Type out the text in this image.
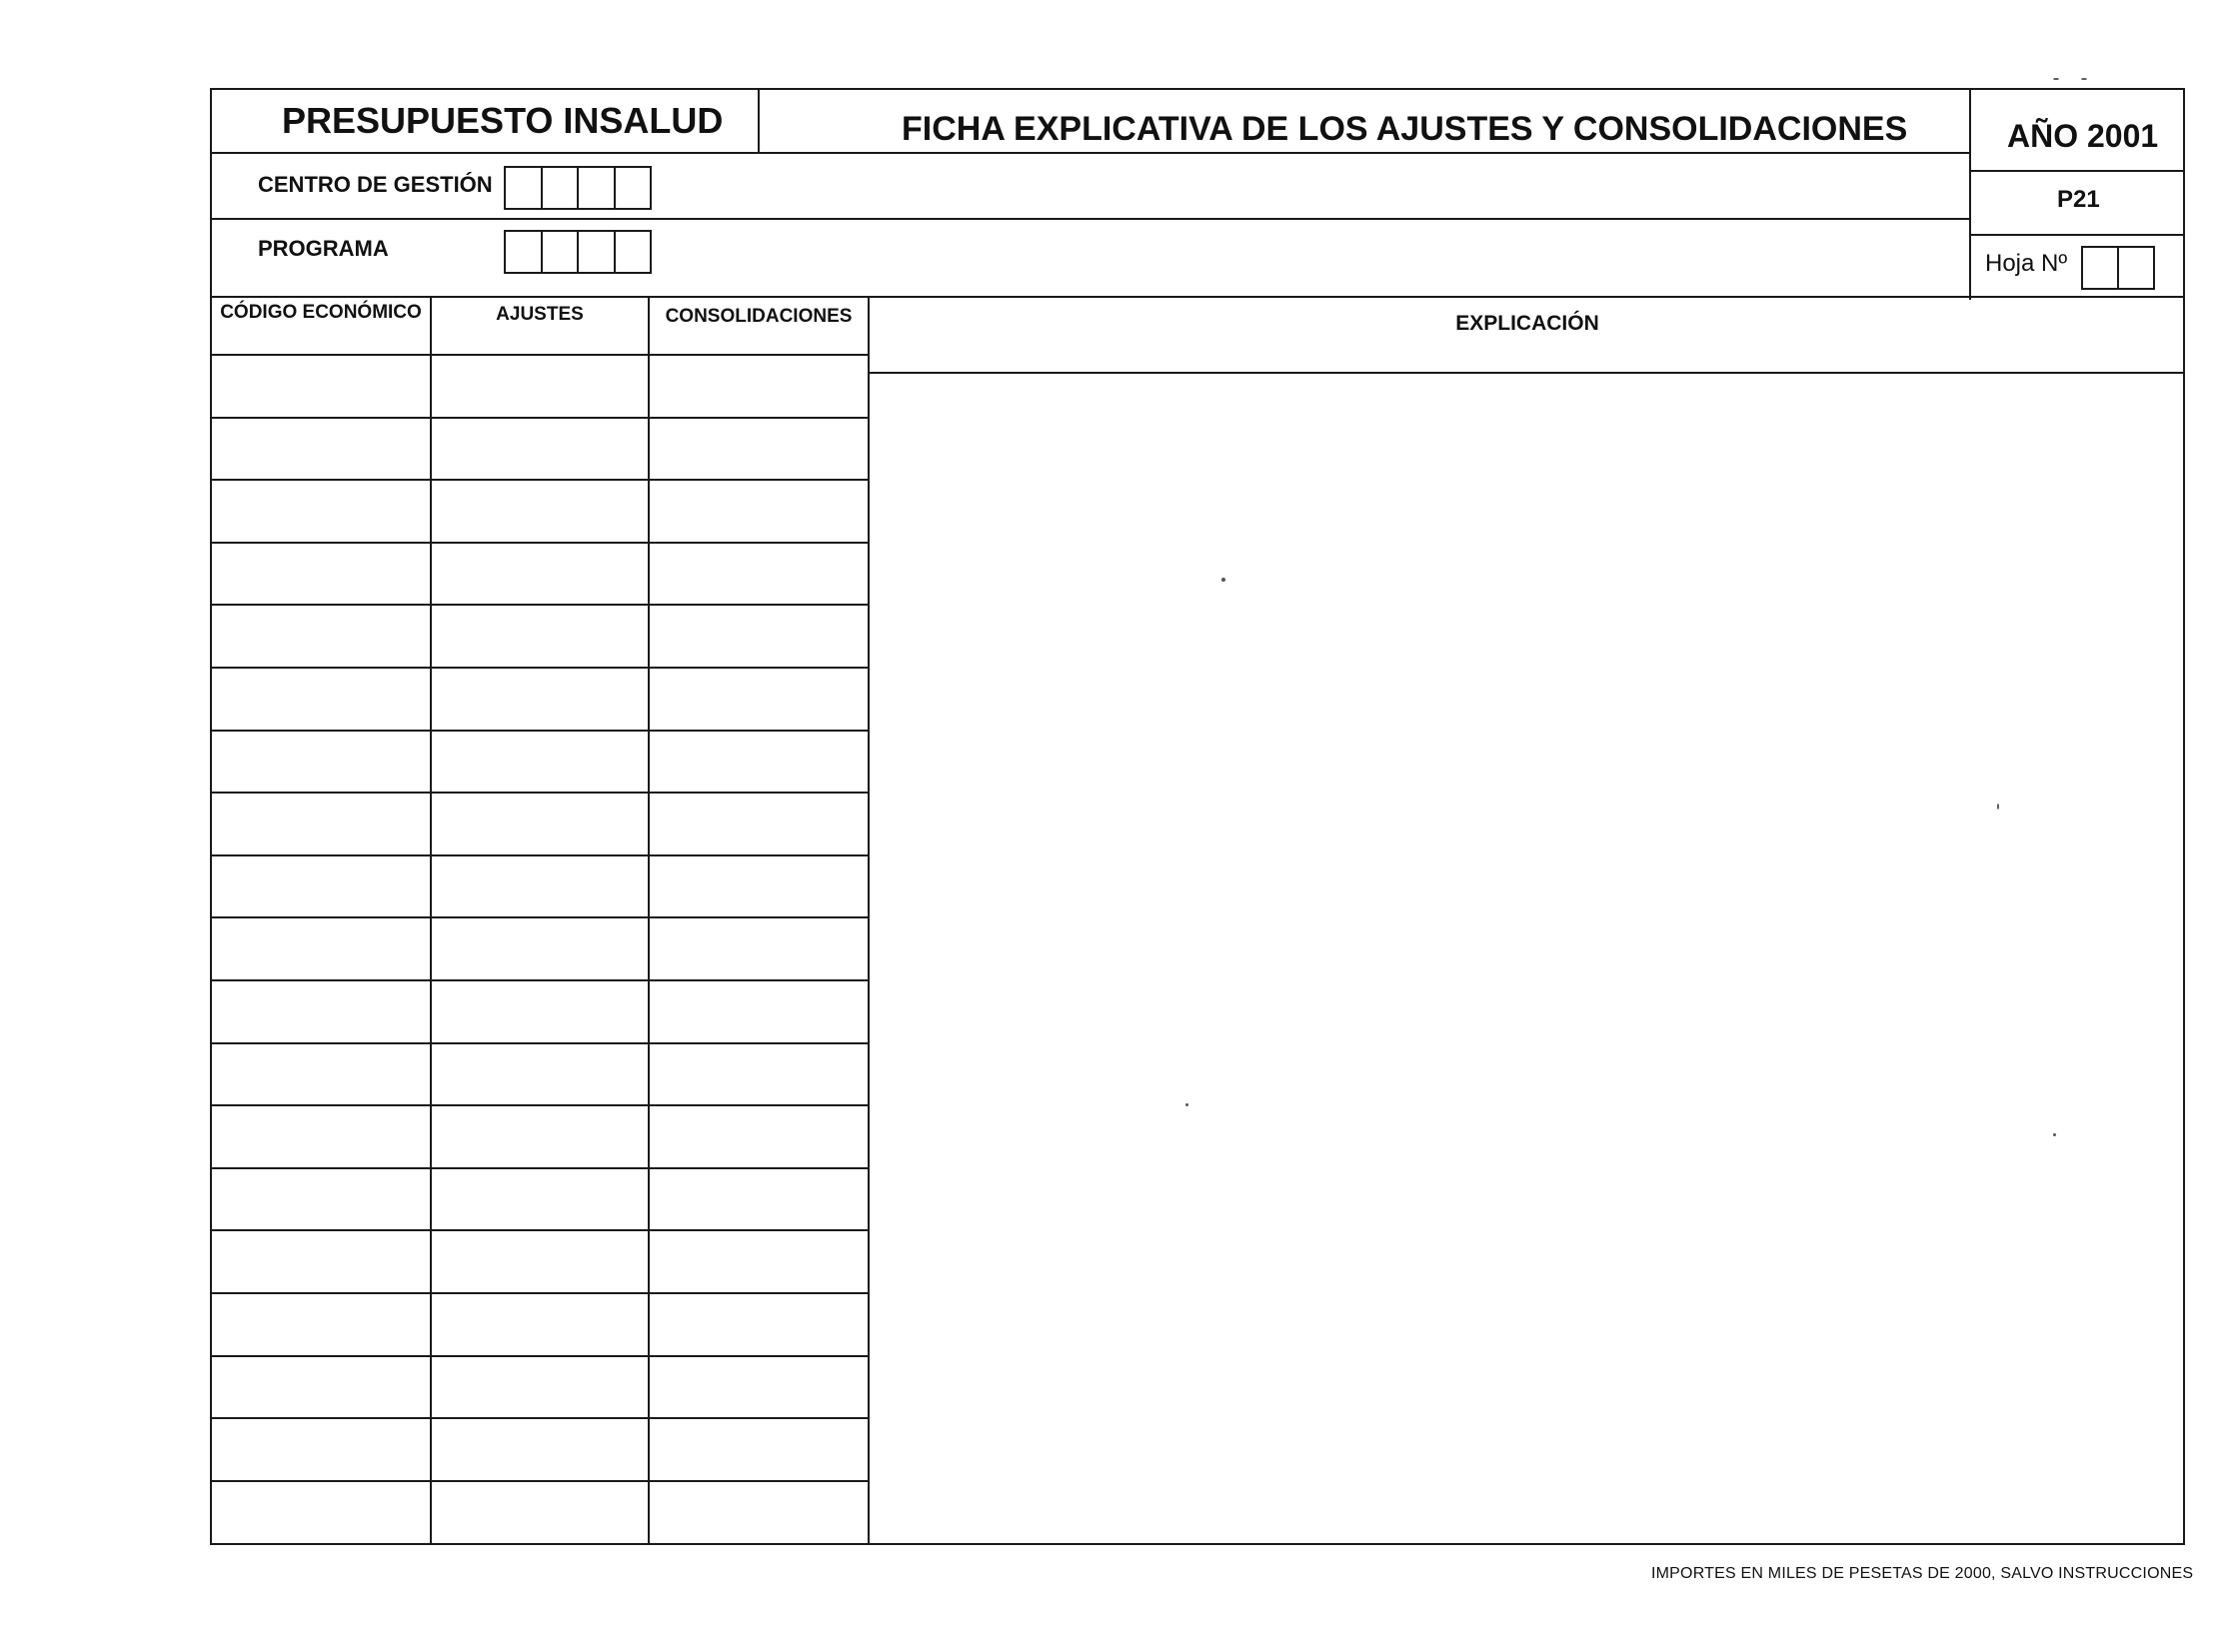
PRESUPUESTO INSALUD	FICHA EXPLICATIVA DE LOS AJUSTES Y CONSOLIDACIONES	AÑO 2001
CENTRO DE GESTIÓN
P21
PROGRAMA
Hoja Nº
CÓDIGO ECONÓMICO	AJUSTES	CONSOLIDACIONES	EXPLICACIÓN
IMPORTES EN MILES DE PESETAS DE 2000, SALVO INSTRUCCIONES
